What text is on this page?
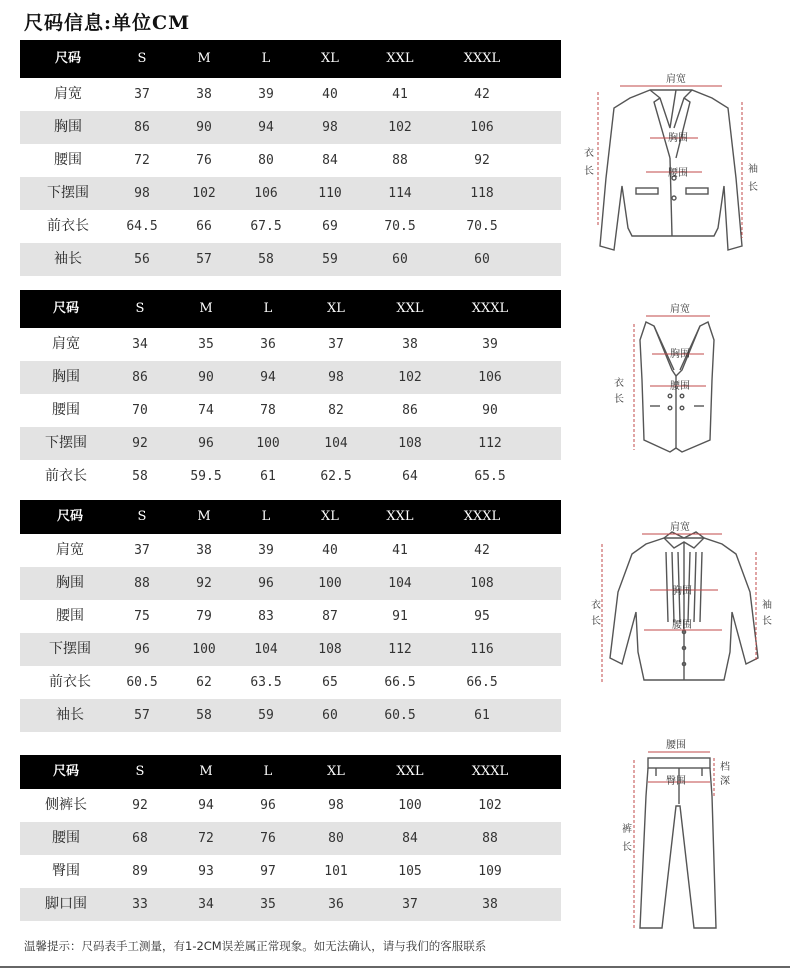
尺码信息:单位CM
尺码	S	M	L	XL	XXL	XXXL
肩宽	37	38	39	40	41	42
胸围	86	90	94	98	102	106
腰围	72	76	80	84	88	92
下摆围	98	102	106	110	114	118
前衣长	64.5	66	67.5	69	70.5	70.5
袖长	56	57	58	59	60	60
尺码	S	M	L	XL	XXL	XXXL
肩宽	34	35	36	37	38	39
胸围	86	90	94	98	102	106
腰围	70	74	78	82	86	90
下摆围	92	96	100	104	108	112
前衣长	58	59.5	61	62.5	64	65.5
尺码	S	M	L	XL	XXL	XXXL
肩宽	37	38	39	40	41	42
胸围	88	92	96	100	104	108
腰围	75	79	83	87	91	95
下摆围	96	100	104	108	112	116
前衣长	60.5	62	63.5	65	66.5	66.5
袖长	57	58	59	60	60.5	61
尺码	S	M	L	XL	XXL	XXXL
侧裤长	92	94	96	98	100	102
腰围	68	72	76	80	84	88
臀围	89	93	97	101	105	109
脚口围	33	34	35	36	37	38
肩宽
胸围
腰围
衣
长	袖
长
肩宽
胸围
腰围
衣
长
肩宽
胸围
腰围
衣
长
袖
长
腰围
臀围
档
深
裤
长
温馨提示：尺码表手工测量，有1-2CM误差属正常现象。如无法确认，请与我们的客服联系
